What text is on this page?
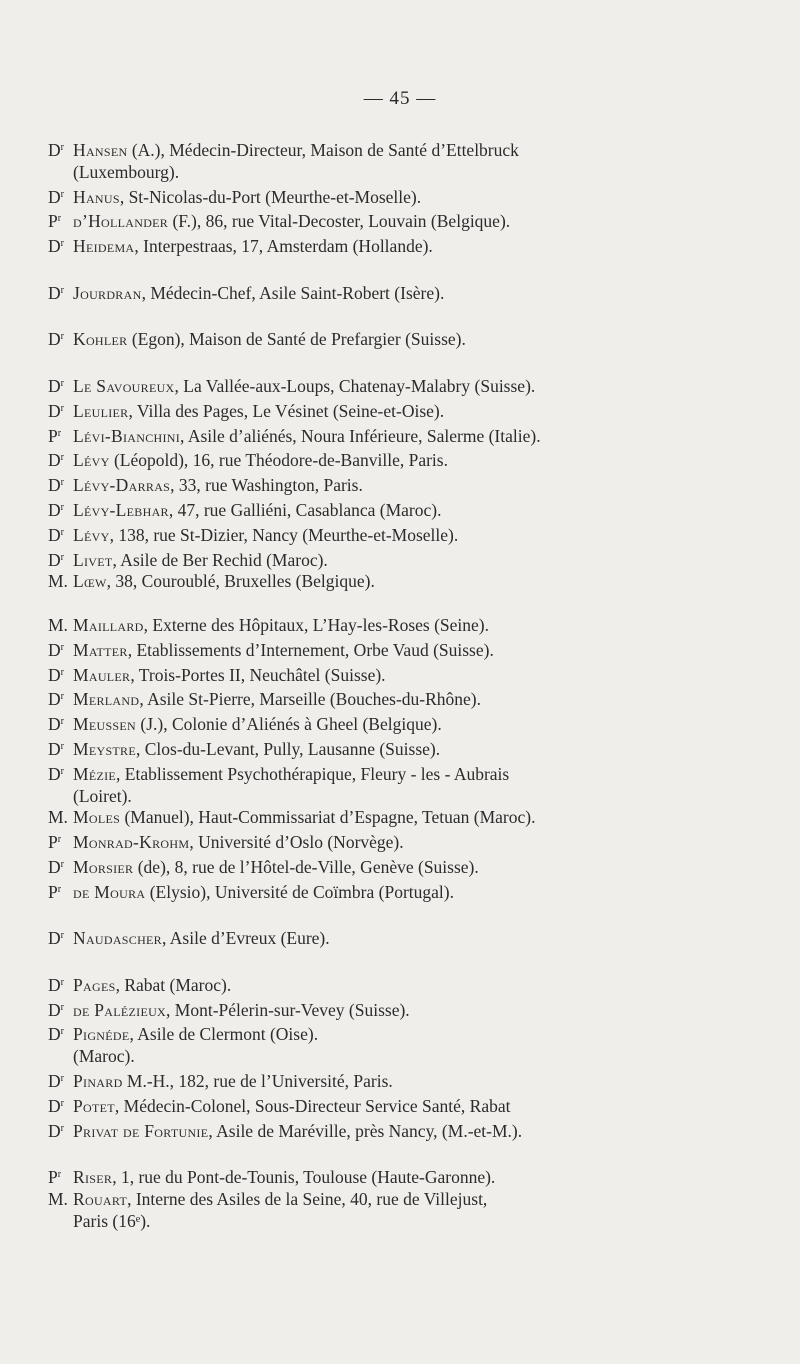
— 45 —
$D^r$ Hansen (A.), Médecin-Directeur, Maison de Santé d’Ettelbruck
(Luxembourg).
$D^r$ Hanus, St-Nicolas-du-Port (Meurthe-et-Moselle).
$P^r$ d’Hollander (F.), 86, rue Vital-Decoster, Louvain (Belgique).
$D^r$ Heidema, Interpestraas, 17, Amsterdam (Hollande).
$D^r$ Jourdran, Médecin-Chef, Asile Saint-Robert (Isère).
$D^r$ Kohler (Egon), Maison de Santé de Prefargier (Suisse).
$D^r$ Le Savoureux, La Vallée-aux-Loups, Chatenay-Malabry (Suisse).
$D^r$ Leulier, Villa des Pages, Le Vésinet (Seine-et-Oise).
$P^r$ Lévi-Bianchini, Asile d’aliénés, Noura Inférieure, Salerme (Italie).
$D^r$ Lévy (Léopold), 16, rue Théodore-de-Banville, Paris.
$D^r$ Lévy-Darras, 33, rue Washington, Paris.
$D^r$ Lévy-Lebhar, 47, rue Galliéni, Casablanca (Maroc).
$D^r$ Lévy, 138, rue St-Dizier, Nancy (Meurthe-et-Moselle).
$D^r$ Livet, Asile de Ber Rechid (Maroc).
M. Lœw, 38, Couroublé, Bruxelles (Belgique).
M. Maillard, Externe des Hôpitaux, L’Hay-les-Roses (Seine).
$D^r$ Matter, Etablissements d’Internement, Orbe Vaud (Suisse).
$D^r$ Mauler, Trois-Portes II, Neuchâtel (Suisse).
$D^r$ Merland, Asile St-Pierre, Marseille (Bouches-du-Rhône).
$D^r$ Meussen (J.), Colonie d’Aliénés à Gheel (Belgique).
$D^r$ Meystre, Clos-du-Levant, Pully, Lausanne (Suisse).
$D^r$ Mézie, Etablissement Psychothérapique, Fleury - les - Aubrais
(Loiret).
M. Moles (Manuel), Haut-Commissariat d’Espagne, Tetuan (Maroc).
$P^r$ Monrad-Krohm, Université d’Oslo (Norvège).
$D^r$ Morsier (de), 8, rue de l’Hôtel-de-Ville, Genève (Suisse).
$P^r$ de Moura (Elysio), Université de Coïmbra (Portugal).
$D^r$ Naudascher, Asile d’Evreux (Eure).
$D^r$ Pages, Rabat (Maroc).
$D^r$ de Palézieux, Mont-Pélerin-sur-Vevey (Suisse).
$D^r$ Pignéde, Asile de Clermont (Oise).
(Maroc).
$D^r$ Pinard M.-H., 182, rue de l’Université, Paris.
$D^r$ Potet, Médecin-Colonel, Sous-Directeur Service Santé, Rabat
$D^r$ Privat de Fortunie, Asile de Maréville, près Nancy, (M.-et-M.).
$P^r$ Riser, 1, rue du Pont-de-Tounis, Toulouse (Haute-Garonne).
M. Rouart, Interne des Asiles de la Seine, 40, rue de Villejust,
Paris (16ᵉ).
